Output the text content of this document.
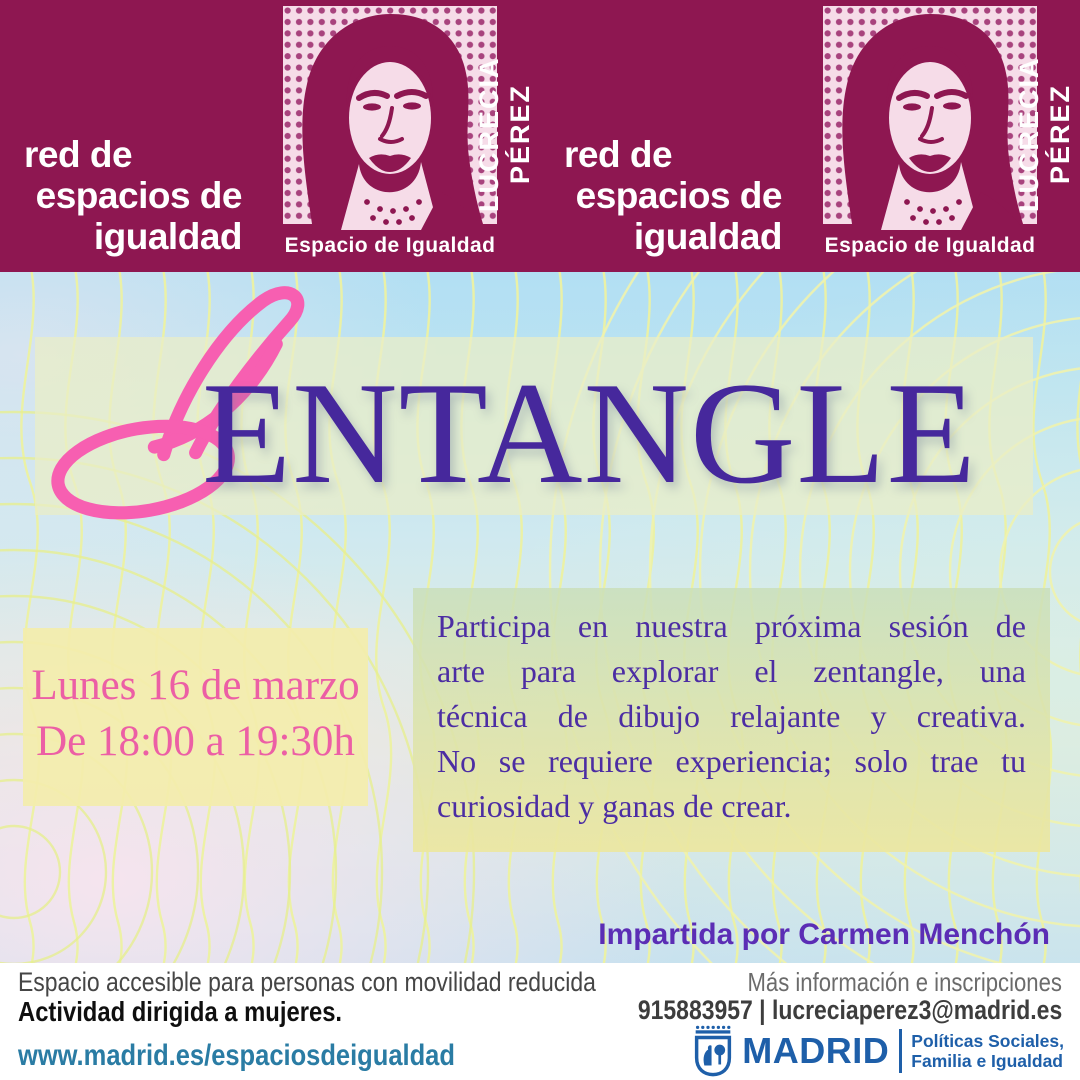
red de
espacios de
igualdad	Espacio de Igualdad
LUCRECIA PÉREZ red de
espacios de
igualdad	Espacio de Igualdad
LUCRECIA PÉREZ
ENTANGLE
Lunes 16 de marzo
De 18:00 a 19:30h
Participa en nuestra próxima sesión de
arte para explorar el zentangle, una
técnica de dibujo relajante y creativa.
No se requiere experiencia; solo trae tu
curiosidad y ganas de crear.
Impartida por Carmen Menchón
Espacio accesible para personas con movilidad reducida
Actividad dirigida a mujeres.
www.madrid.es/espaciosdeigualdad
Más información e inscripciones
915883957 | lucreciaperez3@madrid.es
MADRID Políticas Sociales,
Familia e Igualdad
